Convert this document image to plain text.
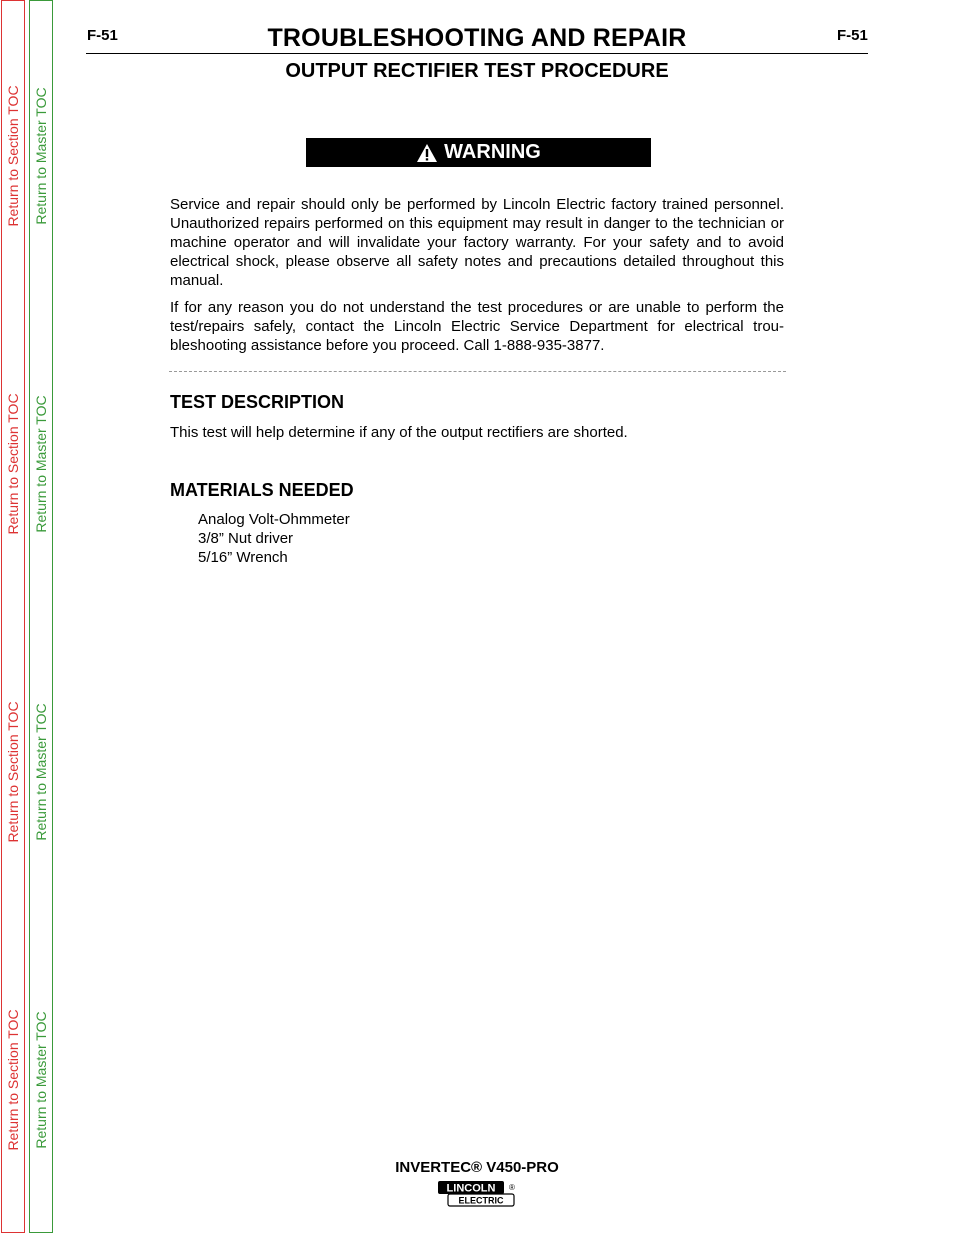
Return to Section TOC
Return to Section TOC
Return to Section TOC
Return to Section TOC
Return to Master TOC
Return to Master TOC
Return to Master TOC
Return to Master TOC
F-51	F-51
TROUBLESHOOTING AND REPAIR
OUTPUT RECTIFIER TEST PROCEDURE
WARNING

Service and repair should only be performed by Lincoln Electric factory trained personnel. Unauthorized repairs performed on this equipment may result in danger to the technician or machine operator and will invalidate your factory warranty. For your safety and to avoid electrical shock, please observe all safety notes and precautions detailed throughout this manual.

If for any reason you do not understand the test procedures or are unable to perform the test/repairs safely, contact the Lincoln Electric Service Department for electrical trou-bleshooting assistance before you proceed. Call 1-888-935-3877.

TEST DESCRIPTION
This test will help determine if any of the output rectifiers are shorted.
MATERIALS NEEDED
Analog Volt-Ohmmeter
3/8” Nut driver
5/16” Wrench
INVERTEC® V450-PRO
LINCOLN
ELECTRIC
®
